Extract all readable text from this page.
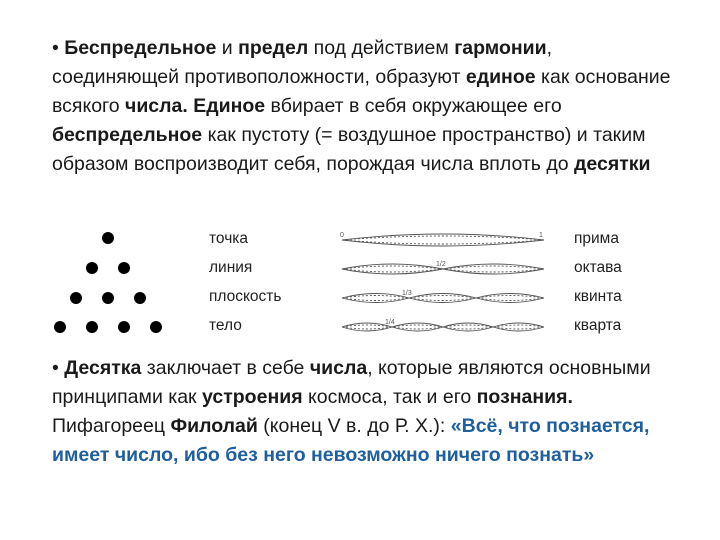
• Беспредельное и предел под действием гармонии, соединяющей противоположности, образуют единое как основание всякого числа. Единое вбирает в себя окружающее его беспредельное как пустоту (= воздушное пространство) и таким образом воспроизводит себя, порождая числа вплоть до десятки
точка
линия
плоскость
тело
0	1
1/2
1/3
1/4
прима
октава
квинта
кварта
• Десятка заключает в себе числа, которые являются основными принципами как устроения космоса, так и его познания. Пифагореец Филолай (конец V в. до Р. Х.): «Всё, что познается, имеет число, ибо без него невозможно ничего познать»
